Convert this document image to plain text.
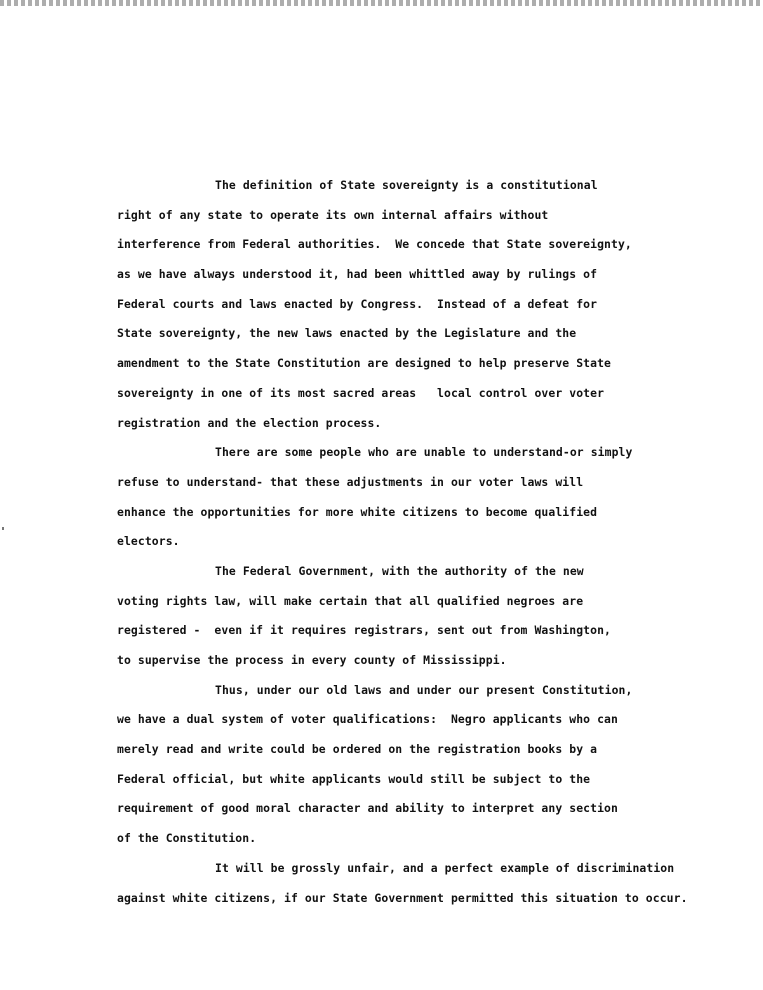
The definition of State sovereignty is a constitutional
right of any state to operate its own internal affairs without
interference from Federal authorities.  We concede that State sovereignty,
as we have always understood it, had been whittled away by rulings of
Federal courts and laws enacted by Congress.  Instead of a defeat for
State sovereignty, the new laws enacted by the Legislature and the
amendment to the State Constitution are designed to help preserve State
sovereignty in one of its most sacred areas   local control over voter
registration and the election process.
There are some people who are unable to understand-or simply
refuse to understand- that these adjustments in our voter laws will
enhance the opportunities for more white citizens to become qualified
electors.
The Federal Government, with the authority of the new
voting rights law, will make certain that all qualified negroes are
registered -  even if it requires registrars, sent out from Washington,
to supervise the process in every county of Mississippi.
Thus, under our old laws and under our present Constitution,
we have a dual system of voter qualifications:  Negro applicants who can
merely read and write could be ordered on the registration books by a
Federal official, but white applicants would still be subject to the
requirement of good moral character and ability to interpret any section
of the Constitution.
It will be grossly unfair, and a perfect example of discrimination
against white citizens, if our State Government permitted this situation to occur.
